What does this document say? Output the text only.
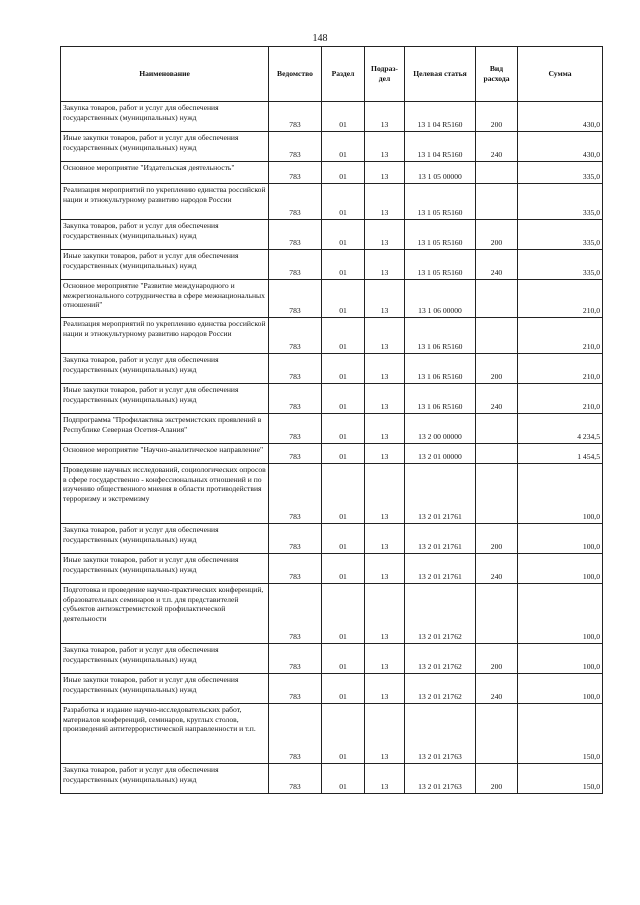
148
Наименование	Ведомство	Раздел	Подраз-дел	Целевая статья	Вид расхода	Сумма
Закупка товаров, работ и услуг для обеспечения государственных (муниципальных) нужд	783	01	13	13 1 04 R5160	200	430,0
Иные закупки товаров, работ и услуг для обеспечения государственных (муниципальных) нужд	783	01	13	13 1 04 R5160	240	430,0
Основное мероприятие "Издательская деятельность"	783	01	13	13 1 05 00000		335,0
Реализация мероприятий по укреплению единства российской нации и этнокультурному развитию народов России	783	01	13	13 1 05 R5160		335,0
Закупка товаров, работ и услуг для обеспечения государственных (муниципальных) нужд	783	01	13	13 1 05 R5160	200	335,0
Иные закупки товаров, работ и услуг для обеспечения государственных (муниципальных) нужд	783	01	13	13 1 05 R5160	240	335,0
Основное мероприятие "Развитие международного и межрегионального сотрудничества в сфере межнациональных отношений"	783	01	13	13 1 06 00000		210,0
Реализация мероприятий по укреплению единства российской нации и этнокультурному развитию народов России	783	01	13	13 1 06 R5160		210,0
Закупка товаров, работ и услуг для обеспечения государственных (муниципальных) нужд	783	01	13	13 1 06 R5160	200	210,0
Иные закупки товаров, работ и услуг для обеспечения государственных (муниципальных) нужд	783	01	13	13 1 06 R5160	240	210,0
Подпрограмма "Профилактика экстремистских проявлений в Республике Северная Осетия-Алания"	783	01	13	13 2 00 00000		4 234,5
Основное мероприятие "Научно-аналитическое направление"	783	01	13	13 2 01 00000		1 454,5
Проведение научных исследований, социологических опросов в сфере государственно - конфессиональных отношений и по изучению общественного мнения в области противодействия терроризму и экстремизму	783	01	13	13 2 01 21761		100,0
Закупка товаров, работ и услуг для обеспечения государственных (муниципальных) нужд	783	01	13	13 2 01 21761	200	100,0
Иные закупки товаров, работ и услуг для обеспечения государственных (муниципальных) нужд	783	01	13	13 2 01 21761	240	100,0
Подготовка и проведение научно-практических конференций, образовательных семинаров и т.п. для представителей субъектов антиэкстремистской профилактической деятельности	783	01	13	13 2 01 21762		100,0
Закупка товаров, работ и услуг для обеспечения государственных (муниципальных) нужд	783	01	13	13 2 01 21762	200	100,0
Иные закупки товаров, работ и услуг для обеспечения государственных (муниципальных) нужд	783	01	13	13 2 01 21762	240	100,0
Разработка и издание научно-исследовательских работ, материалов конференций, семинаров, круглых столов, произведений антитеррористической направленности и т.п.	783	01	13	13 2 01 21763		150,0
Закупка товаров, работ и услуг для обеспечения государственных (муниципальных) нужд	783	01	13	13 2 01 21763	200	150,0
